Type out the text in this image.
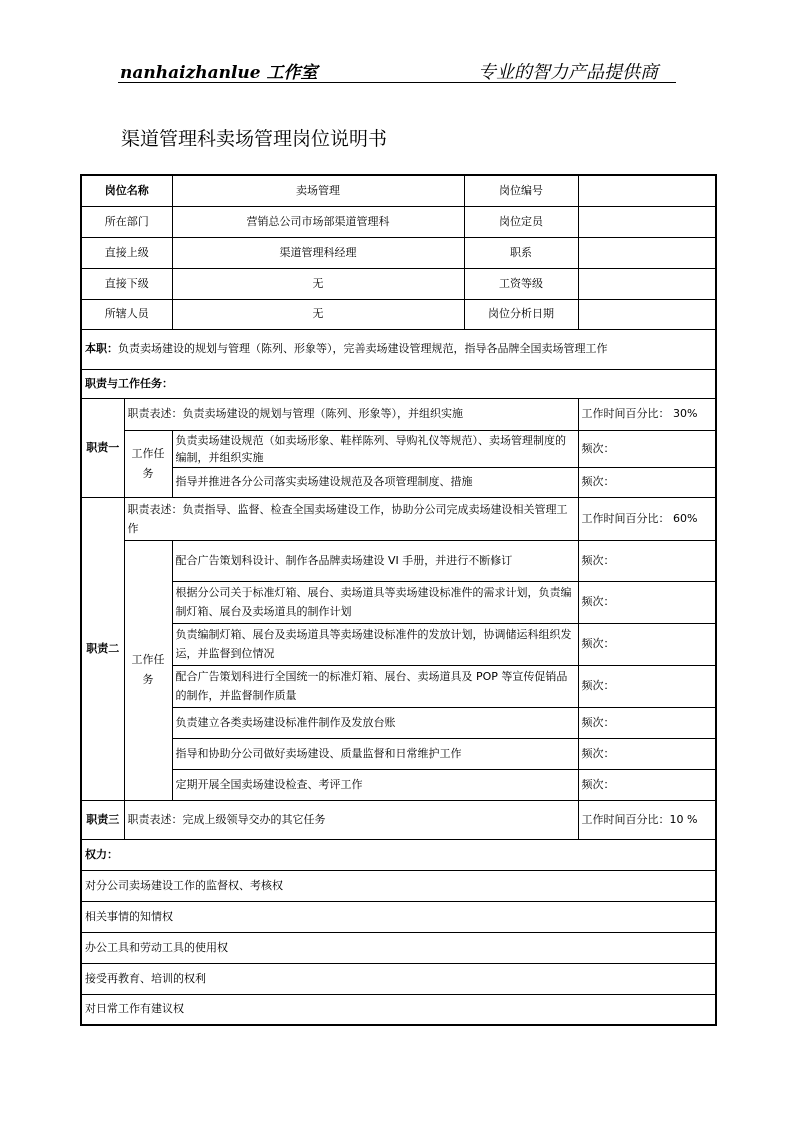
nanhaizhanlue 工作室	专业的智力产品提供商
渠道管理科卖场管理岗位说明书
岗位名称		卖场管理	岗位编号	
所在部门		营销总公司市场部渠道管理科	岗位定员	
直接上级		渠道管理科经理	职系	
直接下级		无	工资等级	
所辖人员		无	岗位分析日期	
本职：负责卖场建设的规划与管理（陈列、形象等），完善卖场建设管理规范，指导各品牌全国卖场管理工作				
职责与工作任务：				
职责一	职责表述：负责卖场建设的规划与管理（陈列、形象等），并组织实施			工作时间百分比： 30%
	工作任务	负责卖场建设规范（如卖场形象、鞋样陈列、导购礼仪等规范）、卖场管理制度的编制，并组织实施		频次：
		指导并推进各分公司落实卖场建设规范及各项管理制度、措施		频次：
职责二	职责表述：负责指导、监督、检查全国卖场建设工作，协助分公司完成卖场建设相关管理工作			工作时间百分比： 60%
	工作任务	配合广告策划科设计、制作各品牌卖场建设 VI 手册，并进行不断修订		频次：
		根据分公司关于标准灯箱、展台、卖场道具等卖场建设标准件的需求计划，负责编制灯箱、展台及卖场道具的制作计划		频次：
		负责编制灯箱、展台及卖场道具等卖场建设标准件的发放计划，协调储运科组织发运，并监督到位情况		频次：
		配合广告策划科进行全国统一的标准灯箱、展台、卖场道具及 POP 等宣传促销品的制作，并监督制作质量		频次：
		负责建立各类卖场建设标准件制作及发放台账		频次：
		指导和协助分公司做好卖场建设、质量监督和日常维护工作		频次：
		定期开展全国卖场建设检查、考评工作		频次：
职责三	职责表述：完成上级领导交办的其它任务			工作时间百分比：10 %
权力：				
对分公司卖场建设工作的监督权、考核权				
相关事情的知情权				
办公工具和劳动工具的使用权				
接受再教育、培训的权利				
对日常工作有建议权				
